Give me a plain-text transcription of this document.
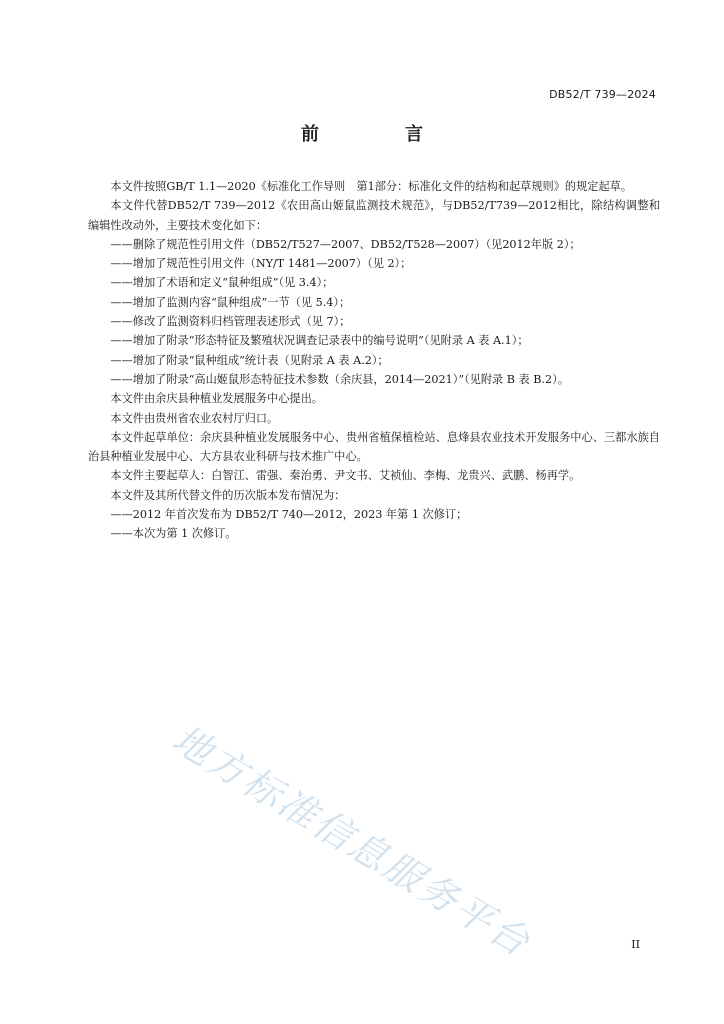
DB52/T 739—2024
前　言

本文件按照GB/T 1.1—2020《标准化工作导则　第1部分：标准化文件的结构和起草规则》的规定起草。

本文件代替DB52/T 739—2012《农田高山姬鼠监测技术规范》，与DB52/T739—2012相比，除结构调整和编辑性改动外，主要技术变化如下：

——删除了规范性引用文件（DB52/T527—2007、DB52/T528—2007）（见2012年版 2）；

——增加了规范性引用文件（NY/T 1481—2007）（见 2）；

——增加了术语和定义“鼠种组成”（见 3.4）；

——增加了监测内容“鼠种组成”一节（见 5.4）；

——修改了监测资料归档管理表述形式（见 7）；

——增加了附录“形态特征及繁殖状况调查记录表中的编号说明”（见附录 A 表 A.1）；

——增加了附录“鼠种组成”统计表（见附录 A 表 A.2）；

——增加了附录“高山姬鼠形态特征技术参数（余庆县，2014—2021）”（见附录 B 表 B.2）。

本文件由余庆县种植业发展服务中心提出。

本文件由贵州省农业农村厅归口。

本文件起草单位：余庆县种植业发展服务中心、贵州省植保植检站、息烽县农业技术开发服务中心、三都水族自治县种植业发展中心、大方县农业科研与技术推广中心。

本文件主要起草人：白智江、雷强、秦治勇、尹文书、艾祯仙、李梅、龙贵兴、武鹏、杨再学。

本文件及其所代替文件的历次版本发布情况为：

——2012 年首次发布为 DB52/T 740—2012，2023 年第 1 次修订；

——本次为第 1 次修订。

地方标准信息服务平台	II
